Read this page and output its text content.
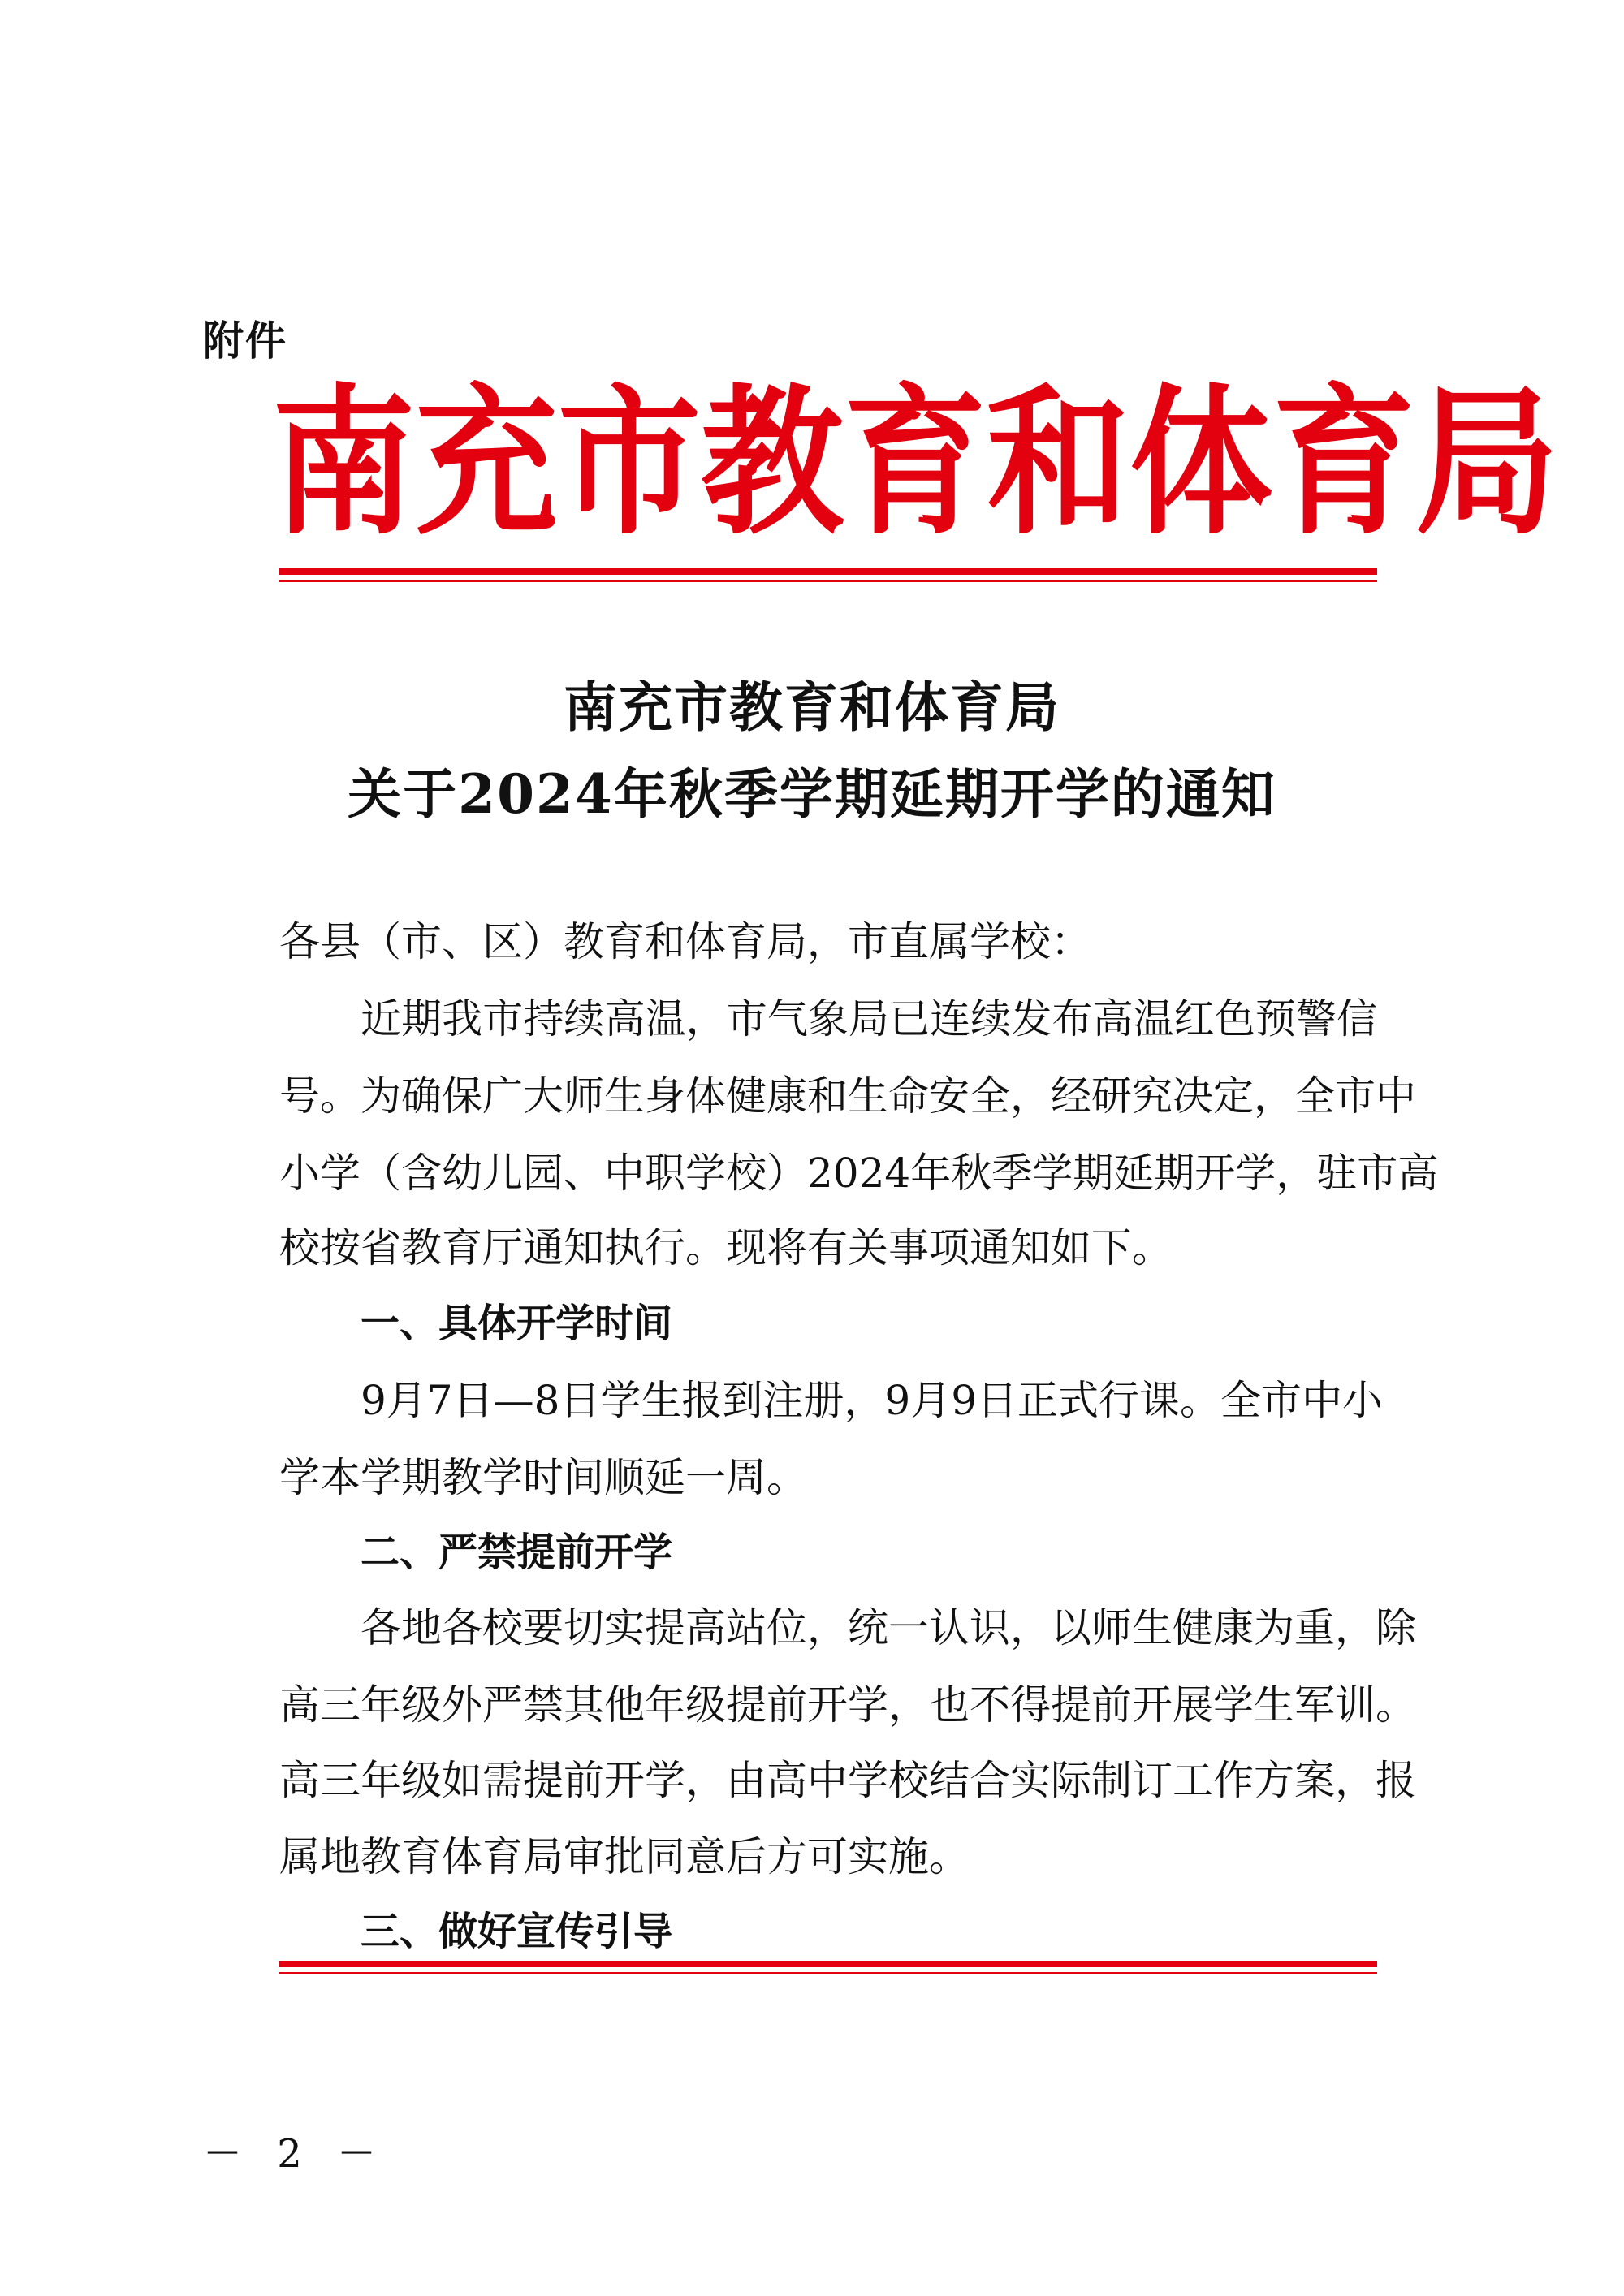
附件
南 充 市 教 育 和 体 育 局
南充市教育和体育局
关于2024年秋季学期延期开学的通知
各县（市、区）教育和体育局，市直属学校：
近期我市持续高温，市气象局已连续发布高温红色预警信
号。为确保广大师生身体健康和生命安全，经研究决定，全市中
小学（含幼儿园、中职学校）2024年秋季学期延期开学，驻市高
校按省教育厅通知执行。现将有关事项通知如下。
一、具体开学时间
9月7日—8日学生报到注册，9月9日正式行课。全市中小
学本学期教学时间顺延一周。
二、严禁提前开学
各地各校要切实提高站位，统一认识，以师生健康为重，除
高三年级外严禁其他年级提前开学，也不得提前开展学生军训。
高三年级如需提前开学，由高中学校结合实际制订工作方案，报
属地教育体育局审批同意后方可实施。
三、做好宣传引导
－ 2 －
